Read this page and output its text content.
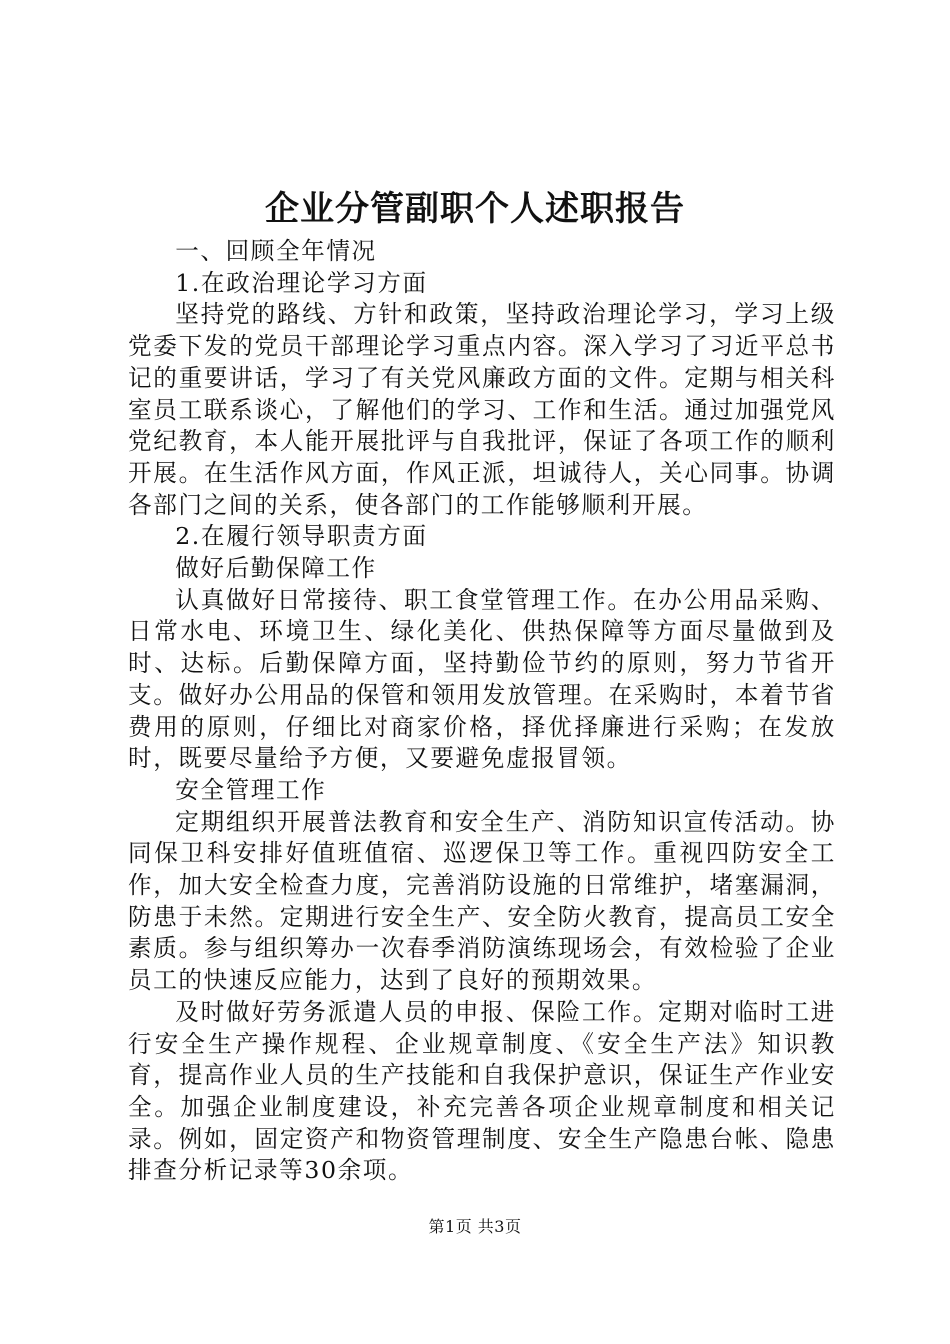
企业分管副职个人述职报告

一、回顾全年情况

1.在政治理论学习方面

坚持党的路线、方针和政策，坚持政治理论学习，学习上级党委下发的党员干部理论学习重点内容。深入学习了习近平总书记的重要讲话，学习了有关党风廉政方面的文件。定期与相关科室员工联系谈心，了解他们的学习、工作和生活。通过加强党风党纪教育，本人能开展批评与自我批评，保证了各项工作的顺利开展。在生活作风方面，作风正派，坦诚待人，关心同事。协调各部门之间的关系，使各部门的工作能够顺利开展。

2.在履行领导职责方面

做好后勤保障工作

认真做好日常接待、职工食堂管理工作。在办公用品采购、日常水电、环境卫生、绿化美化、供热保障等方面尽量做到及时、达标。后勤保障方面，坚持勤俭节约的原则，努力节省开支。做好办公用品的保管和领用发放管理。在采购时，本着节省费用的原则，仔细比对商家价格，择优择廉进行采购；在发放时，既要尽量给予方便，又要避免虚报冒领。

安全管理工作

定期组织开展普法教育和安全生产、消防知识宣传活动。协同保卫科安排好值班值宿、巡逻保卫等工作。重视四防安全工作，加大安全检查力度，完善消防设施的日常维护，堵塞漏洞，防患于未然。定期进行安全生产、安全防火教育，提高员工安全素质。参与组织筹办一次春季消防演练现场会，有效检验了企业员工的快速反应能力，达到了良好的预期效果。

及时做好劳务派遣人员的申报、保险工作。定期对临时工进行安全生产操作规程、企业规章制度、《安全生产法》知识教育，提高作业人员的生产技能和自我保护意识，保证生产作业安全。加强企业制度建设，补充完善各项企业规章制度和相关记录。例如，固定资产和物资管理制度、安全生产隐患台帐、隐患排查分析记录等30余项。

第1页 共3页
